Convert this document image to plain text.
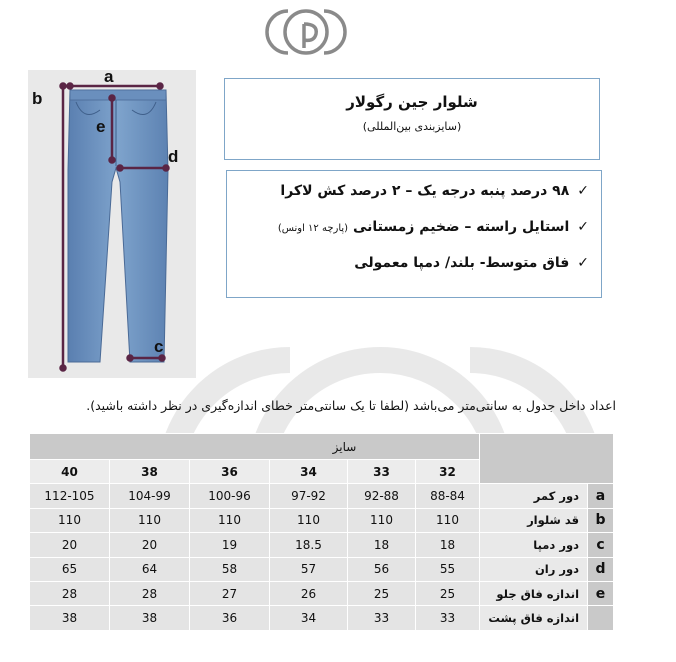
a
b
e
d
c
شلوار جین رگولار
(سایزبندی بین‌المللی)
✓۹۸ درصد پنبه درجه یک – ۲ درصد کش لاکرا
✓استایل راسته – ضخیم زمستانی (پارچه ۱۲ اونس)
✓فاق متوسط- بلند/ دمپا معمولی
اعداد داخل جدول به سانتی‌متر می‌باشد (لطفا تا یک سانتی‌متر خطای اندازه‌گیری در نظر داشته باشید).
سایز							
40	38	36	34	33	32		
112-105	104-99	100-96	97-92	92-88	88-84	دور کمر	a
110	110	110	110	110	110	قد شلوار	b
20	20	19	18.5	18	18	دور دمپا	c
65	64	58	57	56	55	دور ران	d
28	28	27	26	25	25	اندازه فاق جلو	e
38	38	36	34	33	33	اندازه فاق پشت	
